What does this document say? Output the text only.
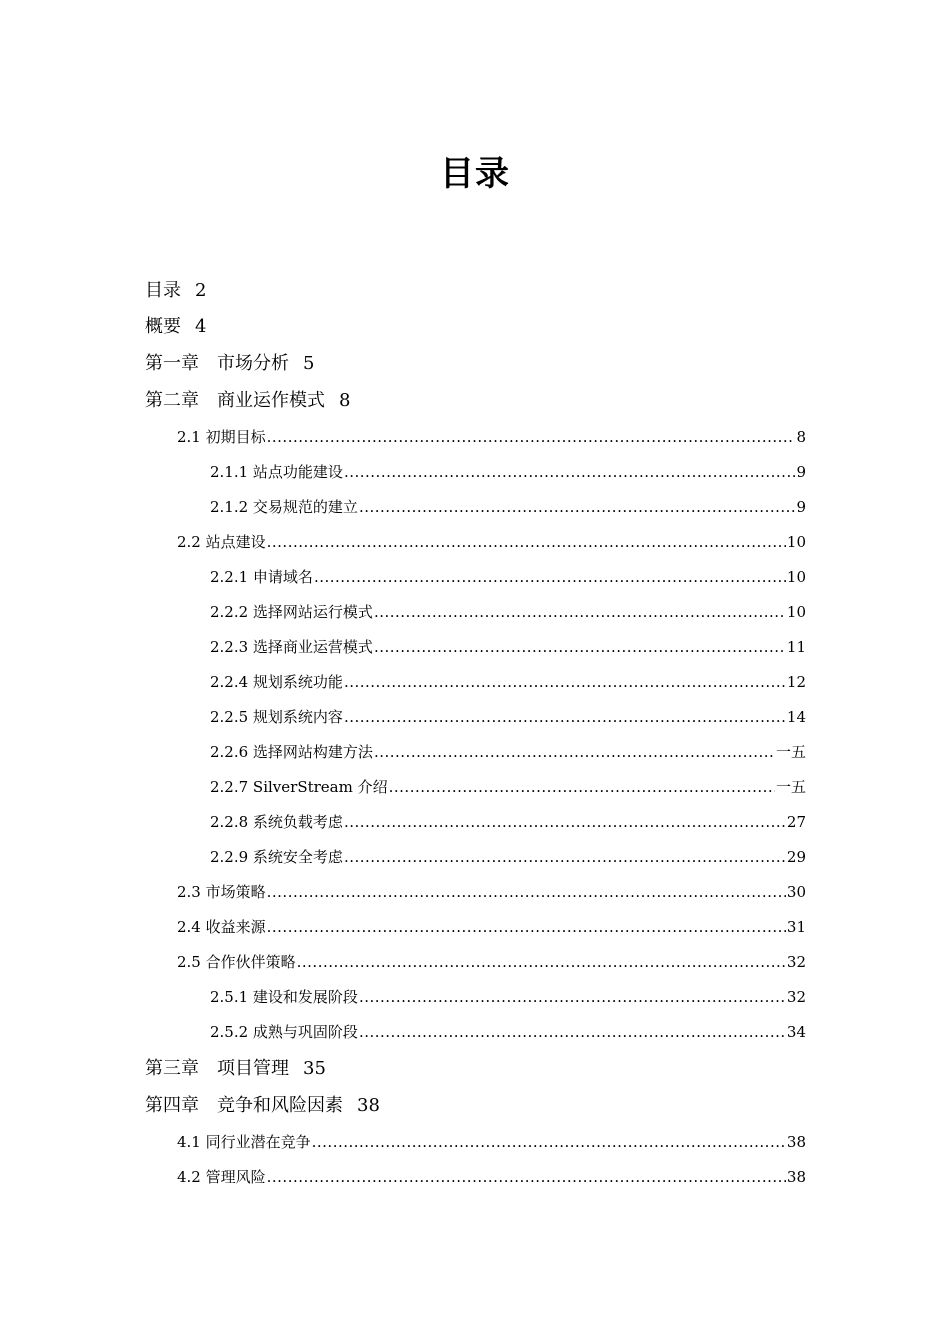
目录
目录 2
概要 4
第一章　市场分析 5
第二章　商业运作模式 8
2.1 初期目标 .....	8
2.1.1 站点功能建设 .....	9
2.1.2 交易规范的建立 .....	9
2.2 站点建设 .....	10
2.2.1 申请域名 .....	10
2.2.2 选择网站运行模式 .....	10
2.2.3 选择商业运营模式 .....	11
2.2.4 规划系统功能 .....	12
2.2.5 规划系统内容 .....	14
2.2.6 选择网站构建方法 .....	一五
2.2.7 SilverStream 介绍 .....	一五
2.2.8 系统负载考虑 .....	27
2.2.9 系统安全考虑 .....	29
2.3 市场策略 .....	30
2.4 收益来源 .....	31
2.5 合作伙伴策略 .....	32
2.5.1 建设和发展阶段 .....	32
2.5.2 成熟与巩固阶段 .....	34
第三章　项目管理 35
第四章　竞争和风险因素 38
4.1 同行业潜在竞争 .....	38
4.2 管理风险 .....	38
